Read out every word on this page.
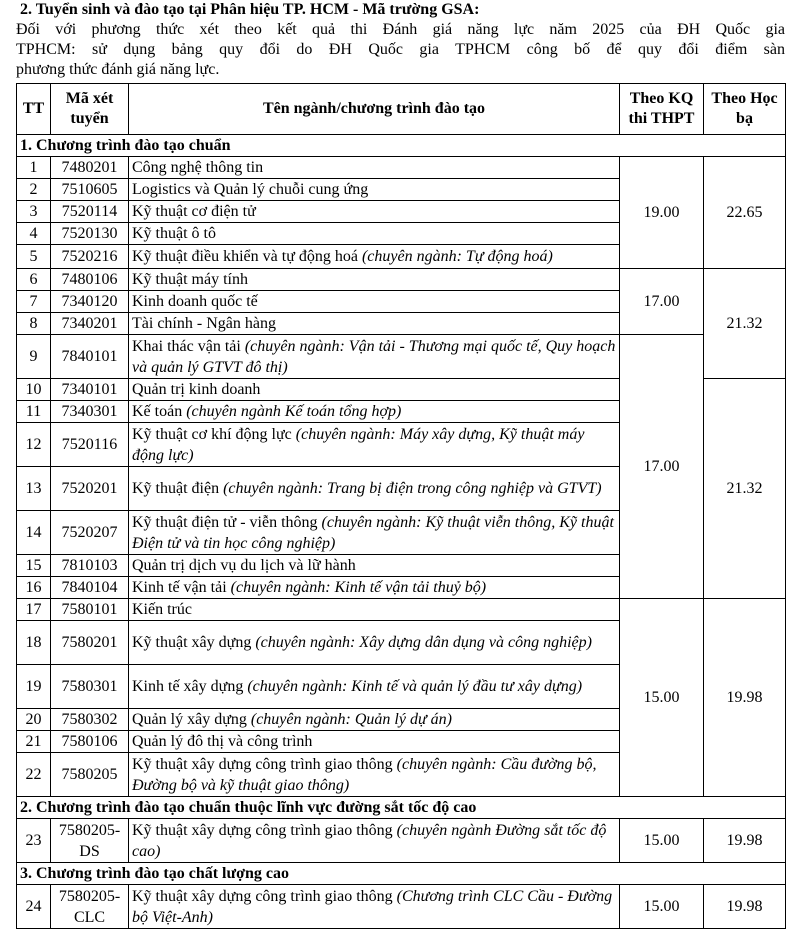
2. Tuyển sinh và đào tạo tại Phân hiệu TP. HCM - Mã trường GSA:
Đối với phương thức xét theo kết quả thi Đánh giá năng lực năm 2025 của ĐH Quốc gia
TPHCM: sử dụng bảng quy đổi do ĐH Quốc gia TPHCM công bố để quy đổi điểm sàn
phương thức đánh giá năng lực.
TT	Mã xét tuyển	Tên ngành/chương trình đào tạo	Theo KQ thi THPT	Theo Học bạ
1. Chương trình đào tạo chuẩn				
1	7480201	Công nghệ thông tin	19.00	22.65
2	7510605	Logistics và Quản lý chuỗi cung ứng		
3	7520114	Kỹ thuật cơ điện tử		
4	7520130	Kỹ thuật ô tô		
5	7520216	Kỹ thuật điều khiển và tự động hoá (chuyên ngành: Tự động hoá)		
6	7480106	Kỹ thuật máy tính	17.00	21.32
7	7340120	Kinh doanh quốc tế		
8	7340201	Tài chính - Ngân hàng		
9	7840101	Khai thác vận tải (chuyên ngành: Vận tải - Thương mại quốc tế, Quy hoạch và quản lý GTVT đô thị)	17.00	
10	7340101	Quản trị kinh doanh		21.32
11	7340301	Kế toán (chuyên ngành Kế toán tổng hợp)		
12	7520116	Kỹ thuật cơ khí động lực (chuyên ngành: Máy xây dựng, Kỹ thuật máy động lực)		
13	7520201	Kỹ thuật điện (chuyên ngành: Trang bị điện trong công nghiệp và GTVT)		
14	7520207	Kỹ thuật điện tử - viễn thông (chuyên ngành: Kỹ thuật viễn thông, Kỹ thuật Điện tử và tin học công nghiệp)		
15	7810103	Quản trị dịch vụ du lịch và lữ hành		
16	7840104	Kinh tế vận tải (chuyên ngành: Kinh tế vận tải thuỷ bộ)		
17	7580101	Kiến trúc	15.00	19.98
18	7580201	Kỹ thuật xây dựng (chuyên ngành: Xây dựng dân dụng và công nghiệp)		
19	7580301	Kinh tế xây dựng (chuyên ngành: Kinh tế và quản lý đầu tư xây dựng)		
20	7580302	Quản lý xây dựng (chuyên ngành: Quản lý dự án)		
21	7580106	Quản lý đô thị và công trình		
22	7580205	Kỹ thuật xây dựng công trình giao thông (chuyên ngành: Cầu đường bộ, Đường bộ và kỹ thuật giao thông)		
2. Chương trình đào tạo chuẩn thuộc lĩnh vực đường sắt tốc độ cao				
23	7580205-DS	Kỹ thuật xây dựng công trình giao thông (chuyên ngành Đường sắt tốc độ cao)	15.00	19.98
3. Chương trình đào tạo chất lượng cao				
24	7580205-CLC	Kỹ thuật xây dựng công trình giao thông (Chương trình CLC Cầu - Đường bộ Việt-Anh)	15.00	19.98
